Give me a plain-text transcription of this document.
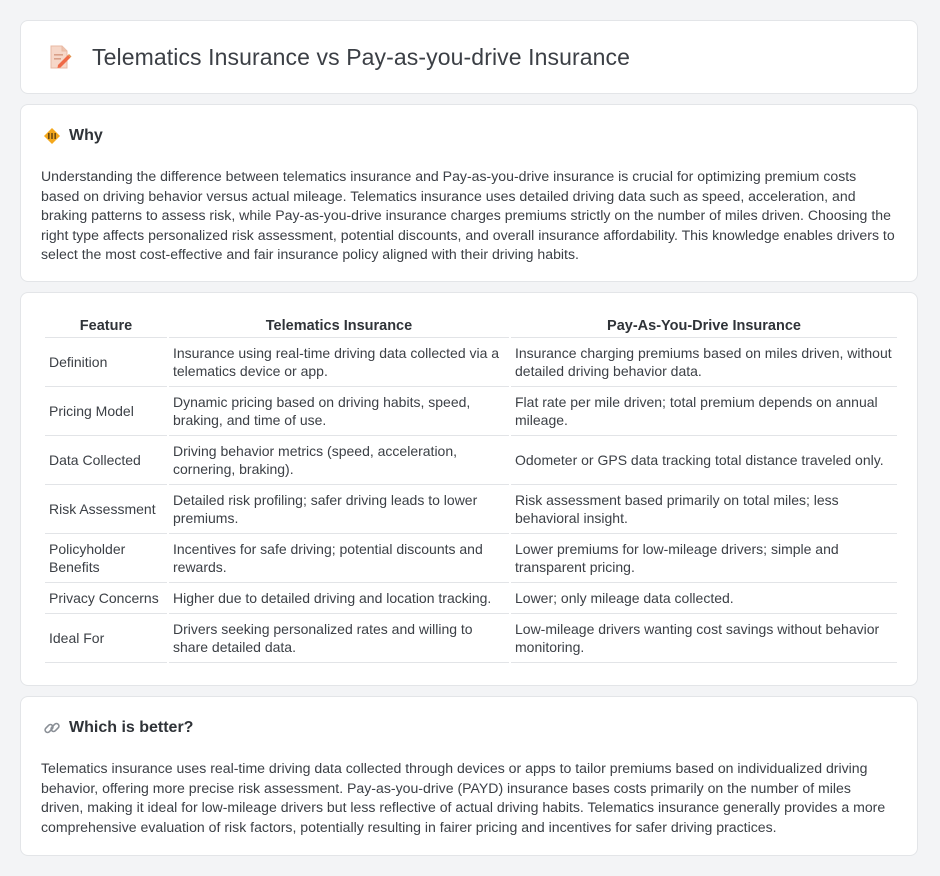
Telematics Insurance vs Pay-as-you-drive Insurance
Why

Understanding the difference between telematics insurance and Pay-as-you-drive insurance is crucial for optimizing premium costs based on driving behavior versus actual mileage. Telematics insurance uses detailed driving data such as speed, acceleration, and braking patterns to assess risk, while Pay-as-you-drive insurance charges premiums strictly on the number of miles driven. Choosing the right type affects personalized risk assessment, potential discounts, and overall insurance affordability. This knowledge enables drivers to select the most cost-effective and fair insurance policy aligned with their driving habits.

Feature	Telematics Insurance	Pay-As-You-Drive Insurance
Definition	Insurance using real-time driving data collected via a telematics device or app.	Insurance charging premiums based on miles driven, without detailed driving behavior data.
Pricing Model	Dynamic pricing based on driving habits, speed, braking, and time of use.	Flat rate per mile driven; total premium depends on annual mileage.
Data Collected	Driving behavior metrics (speed, acceleration, cornering, braking).	Odometer or GPS data tracking total distance traveled only.
Risk Assessment	Detailed risk profiling; safer driving leads to lower premiums.	Risk assessment based primarily on total miles; less behavioral insight.
Policyholder Benefits	Incentives for safe driving; potential discounts and rewards.	Lower premiums for low-mileage drivers; simple and transparent pricing.
Privacy Concerns	Higher due to detailed driving and location tracking.	Lower; only mileage data collected.
Ideal For	Drivers seeking personalized rates and willing to share detailed data.	Low-mileage drivers wanting cost savings without behavior monitoring.
Which is better?

Telematics insurance uses real-time driving data collected through devices or apps to tailor premiums based on individualized driving behavior, offering more precise risk assessment. Pay-as-you-drive (PAYD) insurance bases costs primarily on the number of miles driven, making it ideal for low-mileage drivers but less reflective of actual driving habits. Telematics insurance generally provides a more comprehensive evaluation of risk factors, potentially resulting in fairer pricing and incentives for safer driving practices.
